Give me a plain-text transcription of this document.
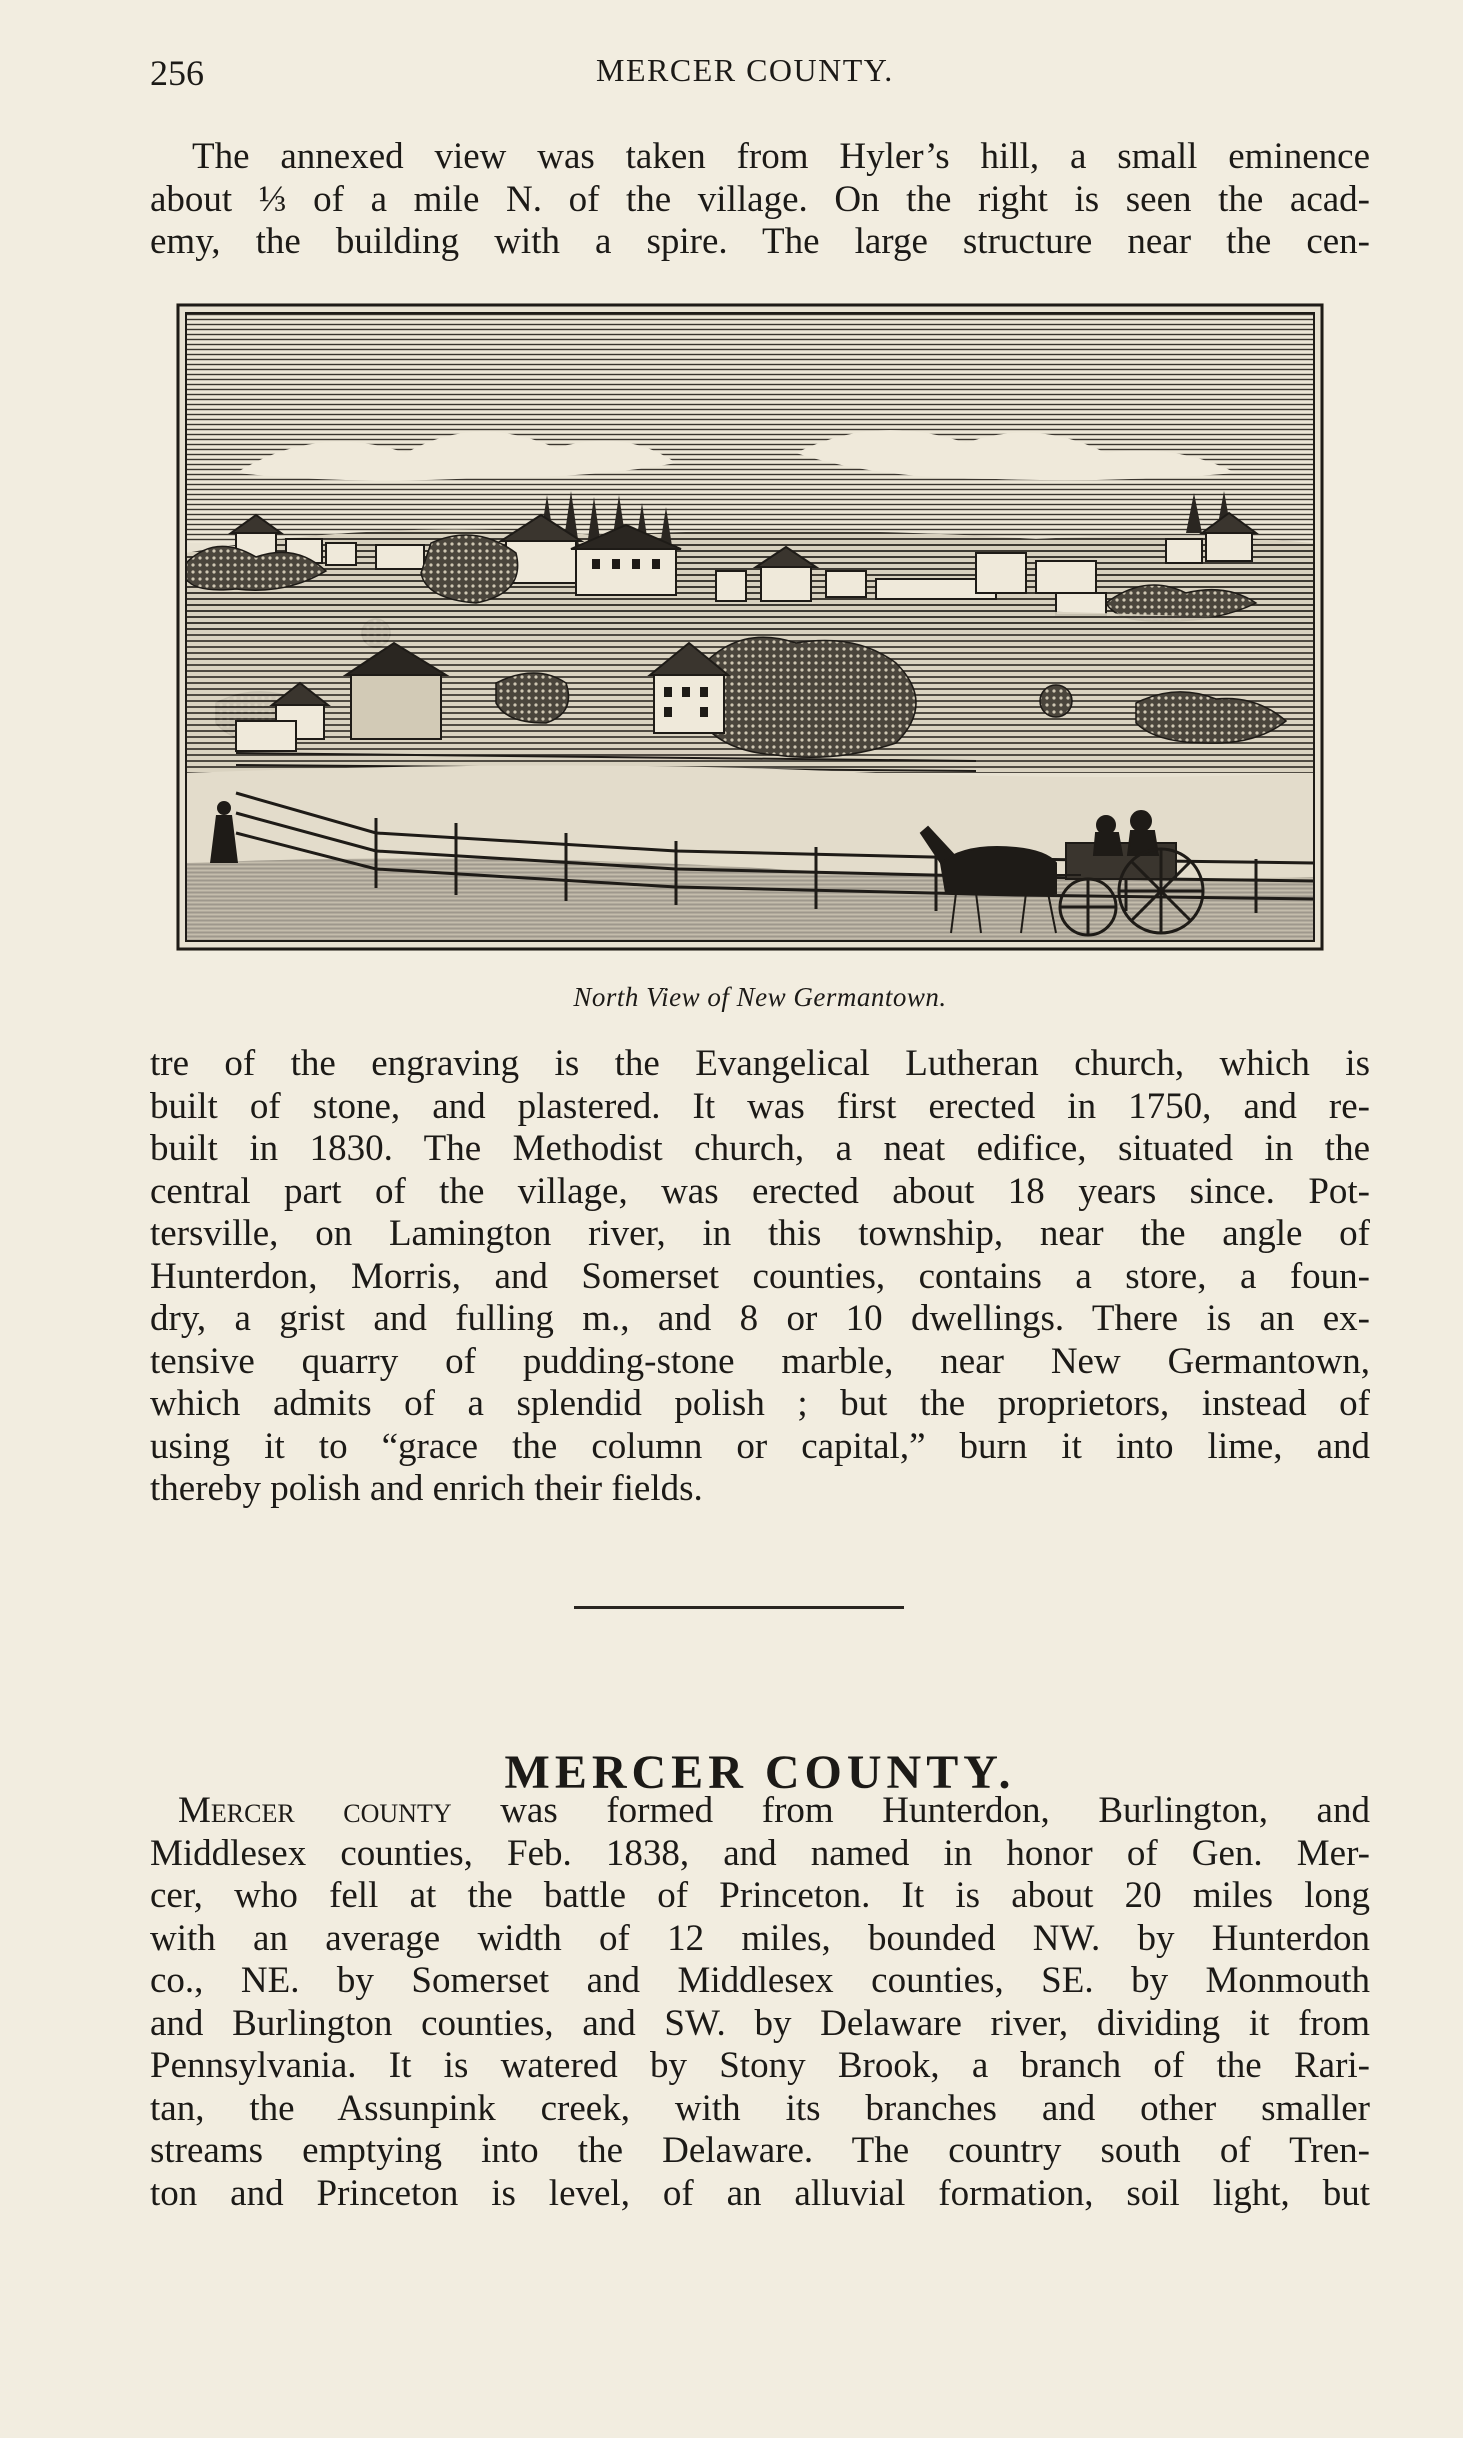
256	MERCER COUNTY.

The annexed view was taken from Hyler’s hill, a small eminence
about ⅓ of a mile N. of the village. On the right is seen the acad-
emy, the building with a spire. The large structure near the cen-

North View of New Germantown.

tre of the engraving is the Evangelical Lutheran church, which is
built of stone, and plastered. It was first erected in 1750, and re-
built in 1830. The Methodist church, a neat edifice, situated in the
central part of the village, was erected about 18 years since. Pot-
tersville, on Lamington river, in this township, near the angle of
Hunterdon, Morris, and Somerset counties, contains a store, a foun-
dry, a grist and fulling m., and 8 or 10 dwellings. There is an ex-
tensive quarry of pudding-stone marble, near New Germantown,
which admits of a splendid polish ; but the proprietors, instead of
using it to “grace the column or capital,” burn it into lime, and
thereby polish and enrich their fields.

MERCER COUNTY.

Mercer county was formed from Hunterdon, Burlington, and
Middlesex counties, Feb. 1838, and named in honor of Gen. Mer-
cer, who fell at the battle of Princeton. It is about 20 miles long
with an average width of 12 miles, bounded NW. by Hunterdon
co., NE. by Somerset and Middlesex counties, SE. by Monmouth
and Burlington counties, and SW. by Delaware river, dividing it from
Pennsylvania. It is watered by Stony Brook, a branch of the Rari-
tan, the Assunpink creek, with its branches and other smaller
streams emptying into the Delaware. The country south of Tren-
ton and Princeton is level, of an alluvial formation, soil light, but
